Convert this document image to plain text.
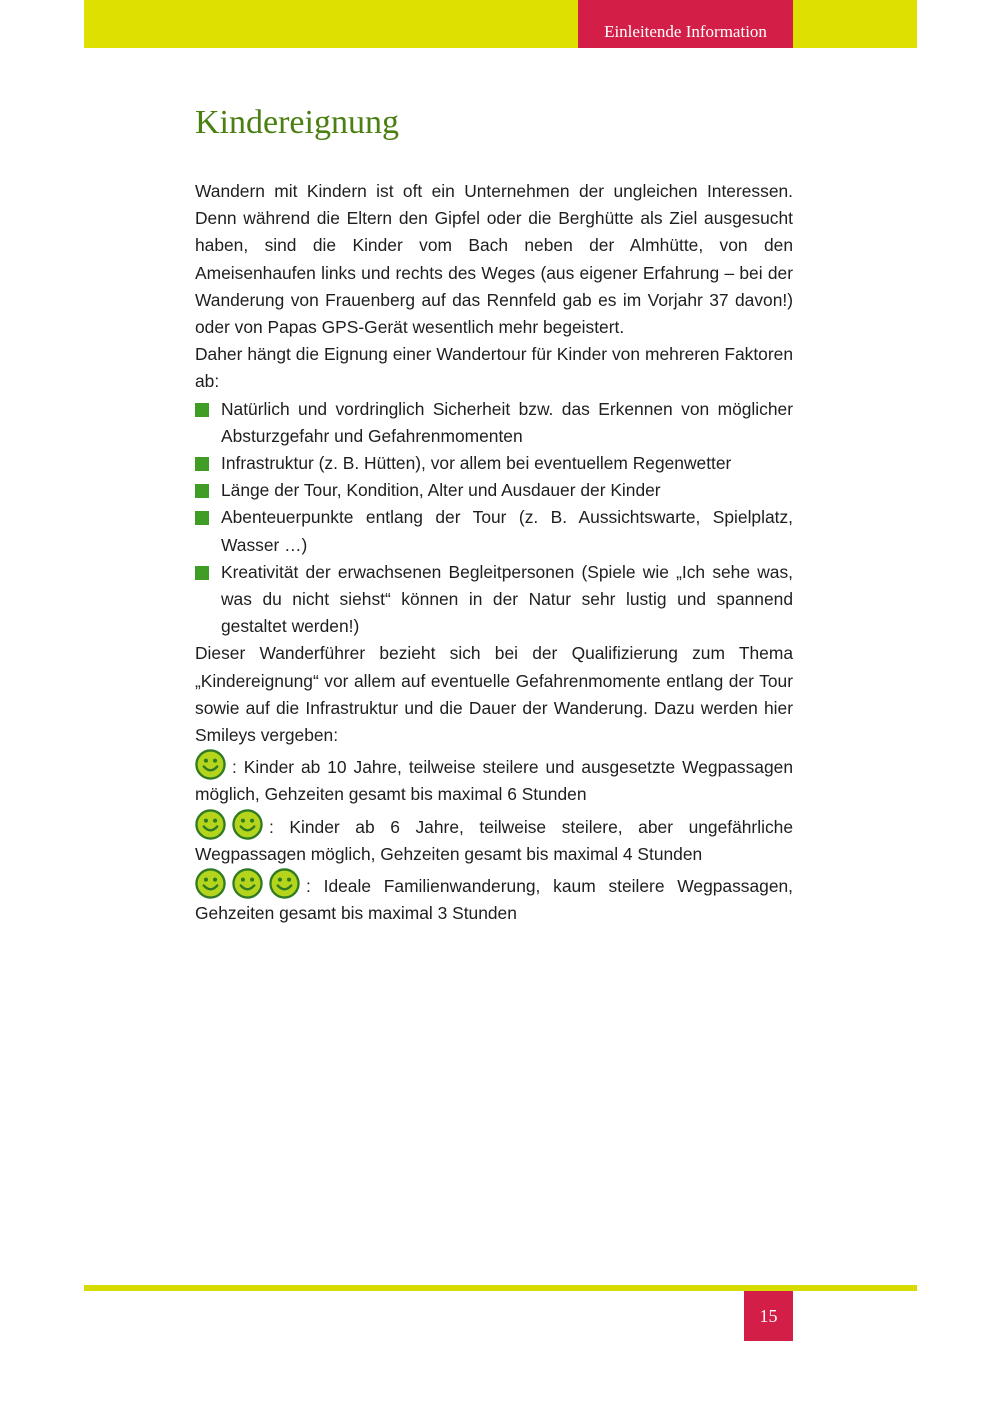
Einleitende Information
Kindereignung

Wandern mit Kindern ist oft ein Unternehmen der ungleichen Interessen. Denn während die Eltern den Gipfel oder die Berghütte als Ziel ausgesucht haben, sind die Kinder vom Bach neben der Almhütte, von den Ameisenhaufen links und rechts des Weges (aus eigener Erfahrung – bei der Wanderung von Frauenberg auf das Rennfeld gab es im Vorjahr 37 davon!) oder von Papas GPS-Gerät wesentlich mehr begeistert.

Daher hängt die Eignung einer Wandertour für Kinder von mehreren Faktoren ab:

Natürlich und vordringlich Sicherheit bzw. das Erkennen von möglicher Absturzgefahr und Gefahrenmomenten
Infrastruktur (z. B. Hütten), vor allem bei eventuellem Regenwetter
Länge der Tour, Kondition, Alter und Ausdauer der Kinder
Abenteuerpunkte entlang der Tour (z. B. Aussichtswarte, Spielplatz, Wasser …)
Kreativität der erwachsenen Begleitpersonen (Spiele wie „Ich sehe was, was du nicht siehst“ können in der Natur sehr lustig und spannend gestaltet werden!)

Dieser Wanderführer bezieht sich bei der Qualifizierung zum Thema „Kindereignung“ vor allem auf eventuelle Gefahrenmomente entlang der Tour sowie auf die Infrastruktur und die Dauer der Wanderung. Dazu werden hier Smileys vergeben:

: Kinder ab 10 Jahre, teilweise steilere und ausgesetzte Wegpassagen möglich, Gehzeiten gesamt bis maximal 6 Stunden

: Kinder ab 6 Jahre, teilweise steilere, aber ungefährliche Wegpassagen möglich, Gehzeiten gesamt bis maximal 4 Stunden

: Ideale Familienwanderung, kaum steilere Wegpassagen, Gehzeiten gesamt bis maximal 3 Stunden

15
